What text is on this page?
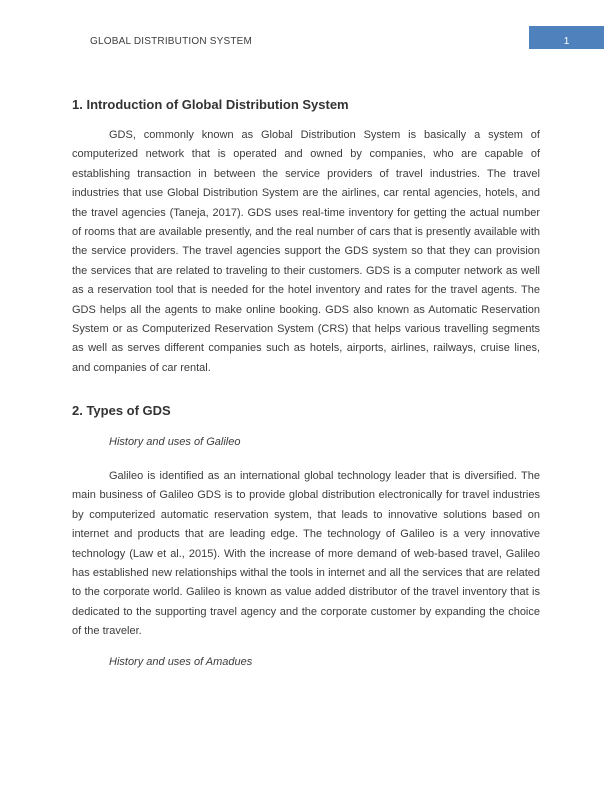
GLOBAL DISTRIBUTION SYSTEM	1
1. Introduction of Global Distribution System
GDS, commonly known as Global Distribution System is basically a system of computerized network that is operated and owned by companies, who are capable of establishing transaction in between the service providers of travel industries. The travel industries that use Global Distribution System are the airlines, car rental agencies, hotels, and the travel agencies (Taneja, 2017). GDS uses real-time inventory for getting the actual number of rooms that are available presently, and the real number of cars that is presently available with the service providers. The travel agencies support the GDS system so that they can provision the services that are related to traveling to their customers. GDS is a computer network as well as a reservation tool that is needed for the hotel inventory and rates for the travel agents. The GDS helps all the agents to make online booking. GDS also known as Automatic Reservation System or as Computerized Reservation System (CRS) that helps various travelling segments as well as serves different companies such as hotels, airports, airlines, railways, cruise lines, and companies of car rental.
2. Types of GDS
History and uses of Galileo
Galileo is identified as an international global technology leader that is diversified. The main business of Galileo GDS is to provide global distribution electronically for travel industries by computerized automatic reservation system, that leads to innovative solutions based on internet and products that are leading edge. The technology of Galileo is a very innovative technology (Law et al., 2015). With the increase of more demand of web-based travel, Galileo has established new relationships withal the tools in internet and all the services that are related to the corporate world. Galileo is known as value added distributor of the travel inventory that is dedicated to the supporting travel agency and the corporate customer by expanding the choice of the traveler.
History and uses of Amadues
